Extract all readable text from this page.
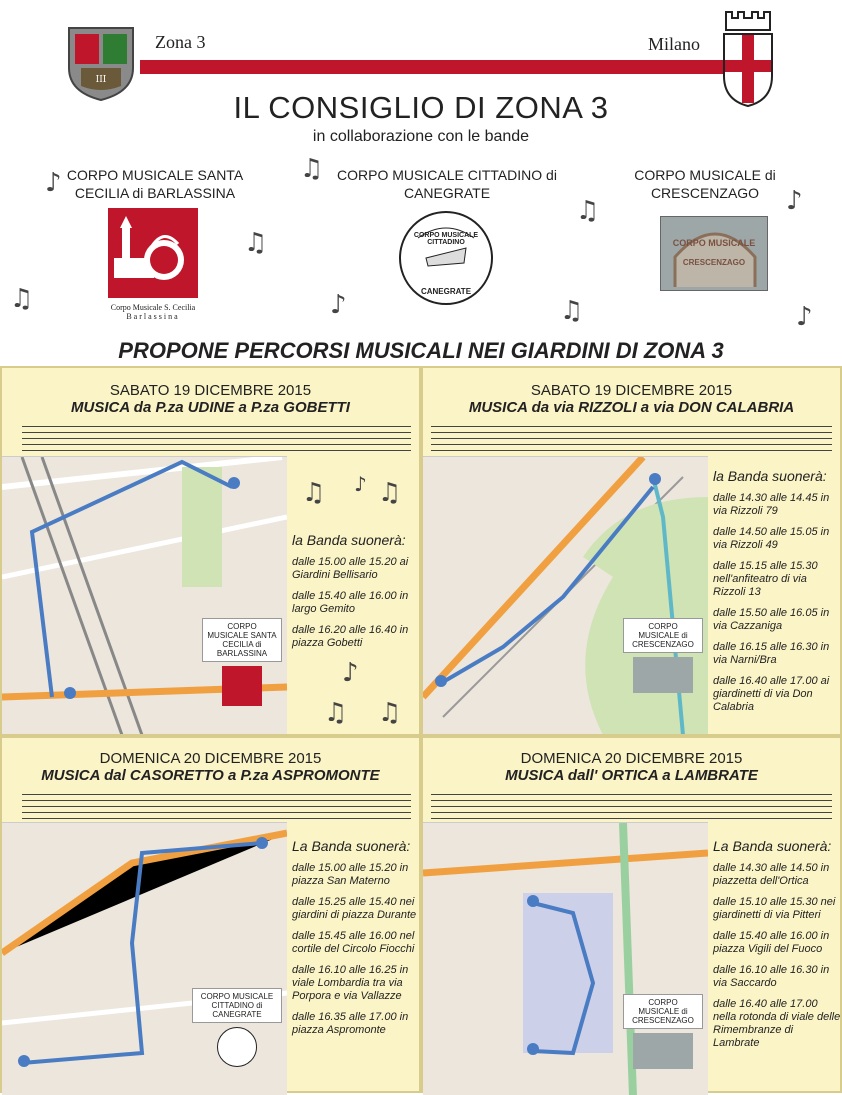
III
Zona 3	Milano
IL CONSIGLIO DI ZONA 3
in collaborazione con le bande
CORPO MUSICALE SANTA CECILIA di BARLASSINA
Corpo Musicale S. Cecilia
Barlassina
CORPO MUSICALE CITTADINO di CANEGRATE
CORPO MUSICALE CITTADINO
CANEGRATE
CORPO MUSICALE di CRESCENZAGO
CORPO MUSICALE
CRESCENZAGO
♪	♫
♫
♫	♪
♫
♫
♪
♪
PROPONE PERCORSI MUSICALI NEI GIARDINI DI ZONA 3
SABATO 19 DICEMBRE 2015
MUSICA da P.za UDINE a P.za GOBETTI
CORPO MUSICALE SANTA CECILIA di BARLASSINA
♫ ♪ ♫
la Banda suonerà:
dalle 15.00 alle 15.20 ai Giardini Bellisario
dalle 15.40 alle 16.00 in largo Gemito
dalle 16.20 alle 16.40 in piazza Gobetti
♪
♫ ♫
SABATO 19 DICEMBRE 2015
MUSICA da via RIZZOLI a via DON CALABRIA
CORPO MUSICALE di CRESCENZAGO
la Banda suonerà:
dalle 14.30 alle 14.45 in via Rizzoli 79
dalle 14.50 alle 15.05 in via Rizzoli 49
dalle 15.15 alle 15.30 nell'anfiteatro di via Rizzoli 13
dalle 15.50 alle 16.05 in via Cazzaniga
dalle 16.15 alle 16.30 in via Narni/Bra
dalle 16.40 alle 17.00 ai giardinetti di via Don Calabria
DOMENICA 20 DICEMBRE 2015
MUSICA dal CASORETTO a P.za ASPROMONTE
CORPO MUSICALE CITTADINO di CANEGRATE
La Banda suonerà:
dalle 15.00 alle 15.20 in piazza San Materno
dalle 15.25 alle 15.40 nei giardini di piazza Durante
dalle 15.45 alle 16.00 nel cortile del Circolo Fiocchi
dalle 16.10 alle 16.25 in viale Lombardia tra via Porpora e via Vallazze
dalle 16.35 alle 17.00 in piazza Aspromonte
DOMENICA 20 DICEMBRE 2015
MUSICA dall' ORTICA a LAMBRATE
CORPO MUSICALE di CRESCENZAGO
La Banda suonerà:
dalle 14.30 alle 14.50 in piazzetta dell'Ortica
dalle 15.10 alle 15.30 nei giardinetti di via Pitteri
dalle 15.40 alle 16.00 in piazza Vigili del Fuoco
dalle 16.10 alle 16.30 in via Saccardo
dalle 16.40 alle 17.00 nella rotonda di viale delle Rimembranze di Lambrate
